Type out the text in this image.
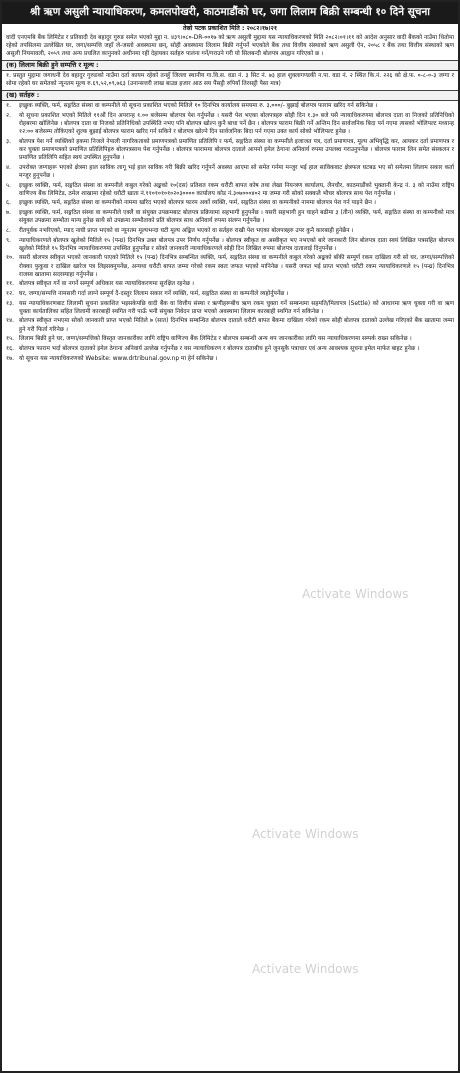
श्री ऋण असुली न्यायाधिकरण, कमलपोखरी, काठमाडौंको घर, जगा लिलाम बिक्री सम्बन्धी १० दिने सूचना
तेस्रो पटक प्रकाशित मिति : २०८२।१७।२१

वादी एनएमबि बैंक लिमिटेड र प्रतिवादी देव बहादुर गुरुङ समेत भएको मुद्दा न. ४३९।०८०-DR-००१७ को ऋण असुली मुद्दामा यस न्यायाधिकरणको मिति २०८२।०१।११ को आदेश अनुसार वादी बैंकको नाउँमा धितोमा रहेको तपसिलमा उल्लेखित घर, जगा/सम्पत्ति जहाँ जे-जस्तो अवस्थामा छन्, सोही अवस्थामा लिलाम बिक्री गर्नुपर्ने भएकोले बैंक तथा वित्तीय संस्थाको ऋण असुली ऐन, २०५८ र बैंक तथा वित्तीय संस्थाको ऋण असुली नियमावली, २०५९ तथा अन्य प्रचलित कानुनको अधीनमा रही देहायका सर्तहरु पालना गर्ने/गराउने गरी यो सिलबन्दी बोलपत्र आह्वान गरिएको छ ।

(क) लिलाम बिक्री हुने सम्पत्ति र मूल्य :

१. प्रस्तुत मुद्दामा जगाधनी देव बहादुर गुरुङको नाउँमा दर्ता कायम रहेको तनहुँ जिल्ला स्थानीय गा.वि.स. वडा नं. ३ सिट नं. ७३ हाल शुक्लागण्डकी न.पा. वडा नं. २ स्थित कि.नं. २२६ को क्षे.फ. ०-८-०-३ जग्गा र सोमा रहेको घर समेतको न्यूनतम मूल्य रु.६९,५२,०९,७६३ (उनान्सत्तरी लाख बाउन्न हजार आठ सय पैंसट्ठी रुपियाँ तिरसट्ठी पैसा मात्र)

(ख) सर्तहरु :
१.	इच्छुक व्यक्ति, फर्म, सङ्गठित संस्था वा कम्पनीले यो सूचना प्रकाशित भएको मितिले १० दिनभित्र कार्यालय समयमा रु. ३,०००/- बुझाई बोलपत्र फाराम खरिद गर्न सकिनेछ ।
२.	यो सूचना प्रकाशित भएको मितिले ११औं दिन अपरान्ह १.०० बजेसम्म बोलपत्र पेश गर्नुपर्नेछ । यसरी पेश भएका बोलपत्रहरु सोही दिन १.३० बजे यसै न्यायाधिकरणमा बोलपत्र दाता वा निजको प्रतिनिधिको रोहबरमा खोलिनेछ । बोलपत्र दाता वा निजको प्रतिनिधिको उपस्थिति नभए पनि बोलपत्र खोल्न कुनै बाधा पर्ने छैन । बोलपत्र फाराम बिक्री गर्ने अन्तिम दिन सार्वजनिक बिदा पर्न गएमा त्यसको भोलिपल्ट मध्यान्ह १२:०० बजेसम्म तोकिएको शुल्क बुझाई बोलपत्र फाराम खरिद गर्न सकिने र बोलपत्र खोल्ने दिन सार्वजनिक बिदा पर्न गएमा उक्त कार्य सोको भोलिपल्ट हुनेछ ।
३.	बोलपत्र पेश गर्ने व्यक्तिको हकमा निजले नेपाली नागरिकताको प्रमाणपत्रको प्रमाणित प्रतिलिपि र फर्म, सङ्गठित संस्था वा कम्पनीले इजाजत पत्र, दर्ता प्रमाणपत्र, मूल्य अभिवृद्धि कर, आयकर दर्ता प्रमाणपत्र र कर चुक्ता प्रमाणपत्रको प्रमाणित प्रतिलिपिहरु बोलपत्रसाथ पेश गर्नुपर्नेछ । बोलपत्र फाराममा बोलपत्र दाताले आफ्नो इमेल ठेगाना अनिवार्य रुपमा उपलब्ध गराउनुपर्नेछ । बोलपत्र फाराम लिन समेत संस्कलन र प्रमाणित प्रतिलिपि सहित स्वयं उपस्थित हुनुपर्नेछ ।
४.	उपरोक्त जग्गाहरू भएको क्षेत्रमा हाल साविक लागू भई हाल साविक गरी बिक्री खरिद गर्नुपर्ने अवस्था आएमा सो समेत गर्नमा मन्जुर भई हाल साविकवाट क्षेत्रफल घटबढ भए सो समेतमा लिलाम सकार कर्ता मन्जुर हुनुपर्नेछ ।
५.	इच्छुक व्यक्ति, फर्म, सङ्गठित संस्था वा कम्पनीले कबुल गरेको अङ्कको १०(दस) प्रतिशत रकम धरौटी बापत कोष तथा लेखा नियन्त्रण कार्यालय, लैनचौर, काठमाडौंको भुक्तानी केन्द्र नं. ३ को नाउँमा राष्ट्रिय वाणिज्य बैंक लिमिटेड, ठमेल शाखामा रहेको धरौटी खाता नं.११०१०१०१०२०३०००० कार्यालय कोड नं.३०७०००४०२ मा जम्मा गरी सोको सक्कलै भौचर बोलपत्र साथ पेश गर्नुपर्नेछ ।
६.	इच्छुक व्यक्ति, फर्म, सङ्गठित संस्था वा कम्पनीको नाममा खरिद भएको बोलपत्र फारम अर्को व्यक्ति, फर्म, सङ्गठित संस्था वा कम्पनीको नाममा बोलपत्र पेश गर्न पाइने छैन ।
७.	इच्छुक व्यक्ति, फर्म, सङ्गठित संस्था वा कम्पनीले एक्लै वा संयुक्त उपक्रमबाट बोलपत्र प्रक्रियामा सहभागी हुनुपर्नेछ । यसरी सहभागी हुन चाहने बढीमा ३ (तीन) व्यक्ति, फर्म, सङ्गठित संस्था वा कम्पनीको मात्र संयुक्त उपक्रमा सम्भौता मान्य हुनेछ साथै सो उपक्रमा सम्भौताको प्रति बोलपत्र साथ अनिवार्य रुपमा संलग्न गर्नुपर्नेछ ।
८.	रीतपूर्वक नभरिएको, म्याद नाघी प्राप्त भएको वा न्यूनतम मूल्यभन्दा घटी मूल्य अङ्कित भएको वा सर्तहरु राखी पेश भएका बोलपत्रहरु उपर कुनै कारबाही हुनेछैन ।
९.	न्यायाधिकरणले बोलपत्र खुलेको मितिले १५ (पन्ध्र) दिनभित्र उक्त बोलपत्र उपर निर्णय गर्नुपर्नेछ । बोलपत्र स्वीकृत वा अस्वीकृत भए नभएको बारे जानकारी लिन बोलपत्र दाता स्वयं लिखित पत्रसहित बोलपत्र खुलेको मितिले १५ दिनभित्र न्यायाधिकरणमा उपस्थित हुनुपर्नेछ र सोको जानकारी न्यायाधिकरणले सोही दिन लिखित रुपमा बोलपत्र दातालाई दिनुपर्नेछ ।
१०. यसरी बोलपत्र स्वीकृत भएको जानकारी पाएको मितिले १५ (पन्ध्र) दिनभित्र सम्बन्धित व्यक्ति, फर्म, सङ्गठित संस्था वा कम्पनीले कबुल गरेको अङ्कको बाँकी सम्पूर्ण रकम दाखिला गरी सो घर, जग्गा/सम्पत्तिको रोक्का फुकुवा र दाखिल खारेज पत्र लिइसक्नुपर्नेछ, अन्यथा धरौटी बापत जम्मा गरेको रकम स्वतः जफत भएको मानिनेछ । यसरी जफत भई प्राप्त भएको धरौटी रकम न्यायाधिकरणले १५ (पन्ध्र) दिनभित्र राजस्व खातामा सदरस्याहा गर्नुपर्नेछ ।
११. बोलपत्र स्वीकृत गर्ने वा नगर्ने सम्पूर्ण अधिकार यस न्यायाधिकरणमा सुरक्षित रहनेछ ।
१२. घर, जग्गा/सम्पत्ति नामसारी गर्दा लाग्ने सम्पूर्ण दै-दस्तुर लिलाम सकार गर्ने व्यक्ति, फर्म, सङ्गठित संस्था वा कम्पनीले व्यहोर्नुपर्नेछ ।
१३. यस न्यायाधिकरणबाट लिलामी सूचना प्रकाशित भइसकेपछि वादी बैंक वा वित्तीय संस्था र ऋणीहरूबीच ऋण रकम चुक्ता गर्ने सम्बन्धमा सहमति/मिलापत्र (Settle) को आधारमा ऋण चुक्ता गरी वा ऋण चुक्ता कार्यतालिका सहित लिलामी कारबाही स्थगित गरी पाऊँ भनी संयुक्त निवेदन प्राप्त भएको अवस्थामा लिलाम कारबाही स्थगित गर्न सकिनेछ ।
१४. बोलपत्र स्वीकृत नभएमा सोको जानकारी प्राप्त भएको मितिले ७ (सात) दिनभित्र सम्बन्धित बोलपत्र दाताले धरौटी बापत बैंकमा दाखिला गरेको रकम सोही बोलपत्र दाताको उल्लेख गरिएको बैंक खातामा जम्मा हुने गरी फिर्ता गरिनेछ ।
१५. लिलाम बिक्री हुने घर, जग्गा/सम्पत्तिको विस्तृत जानकारीका लागि राष्ट्रिय वाणिज्य बैंक लिमिटेड र बोलपत्र सम्बन्धी अन्य थप जानकारीका लागि यस न्यायाधिकरणमा सम्पर्क राख्न सकिनेछ ।
१६. बोलपत्र फाराम भर्दा बोलपत्र दाताको इमेल ठेगाना अनिवार्य उल्लेख गर्नुपर्नेछ र यस न्यायाधिकरण र बोलपत्र दाताबीच हुने जुनसुकै पत्राचार एवं अन्य आवश्यक सूचना इमेल मार्फत बाहट हुनेछ ।
१७. यो सूचना यस न्यायाधिकरणको Website: www.drtribunal.gov.np मा हेर्न सकिनेछ ।
Activate Windows
Activate Windows
Activate Windows
